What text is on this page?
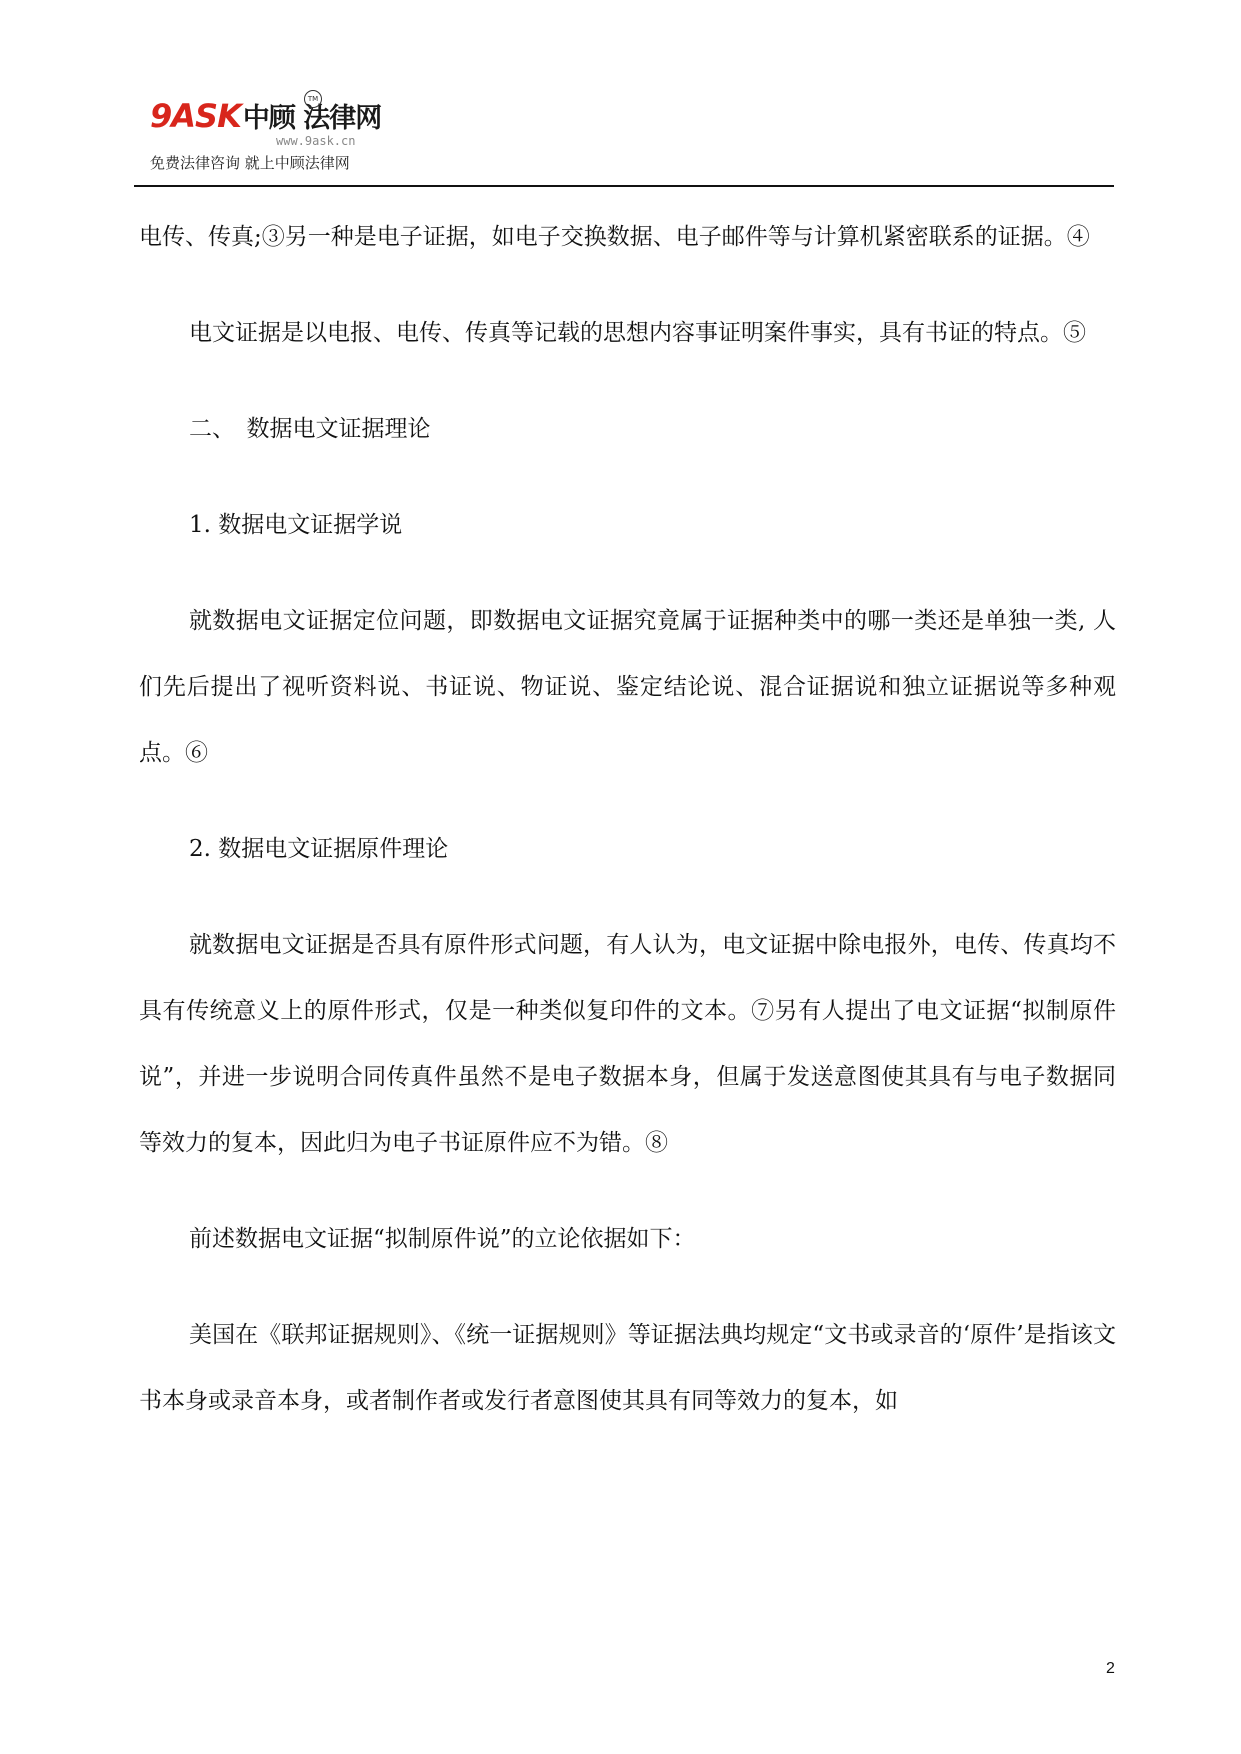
9ASK中顾 法律网
TM
www.9ask.cn
免费法律咨询 就上中顾法律网

电传、传真;③另一种是电子证据，如电子交换数据、电子邮件等与计算机紧密联系的证据。④

电文证据是以电报、电传、传真等记载的思想内容事证明案件事实，具有书证的特点。⑤

二、　数据电文证据理论

1. 数据电文证据学说

就数据电文证据定位问题，即数据电文证据究竟属于证据种类中的哪一类还是单独一类, 人们先后提出了视听资料说、书证说、物证说、鉴定结论说、混合证据说和独立证据说等多种观点。⑥

2. 数据电文证据原件理论

就数据电文证据是否具有原件形式问题，有人认为，电文证据中除电报外，电传、传真均不具有传统意义上的原件形式，仅是一种类似复印件的文本。⑦另有人提出了电文证据“拟制原件说”，并进一步说明合同传真件虽然不是电子数据本身，但属于发送意图使其具有与电子数据同等效力的复本，因此归为电子书证原件应不为错。⑧

前述数据电文证据“拟制原件说”的立论依据如下：

美国在《联邦证据规则》、《统一证据规则》等证据法典均规定“文书或录音的‘原件’是指该文书本身或录音本身，或者制作者或发行者意图使其具有同等效力的复本，如

2
